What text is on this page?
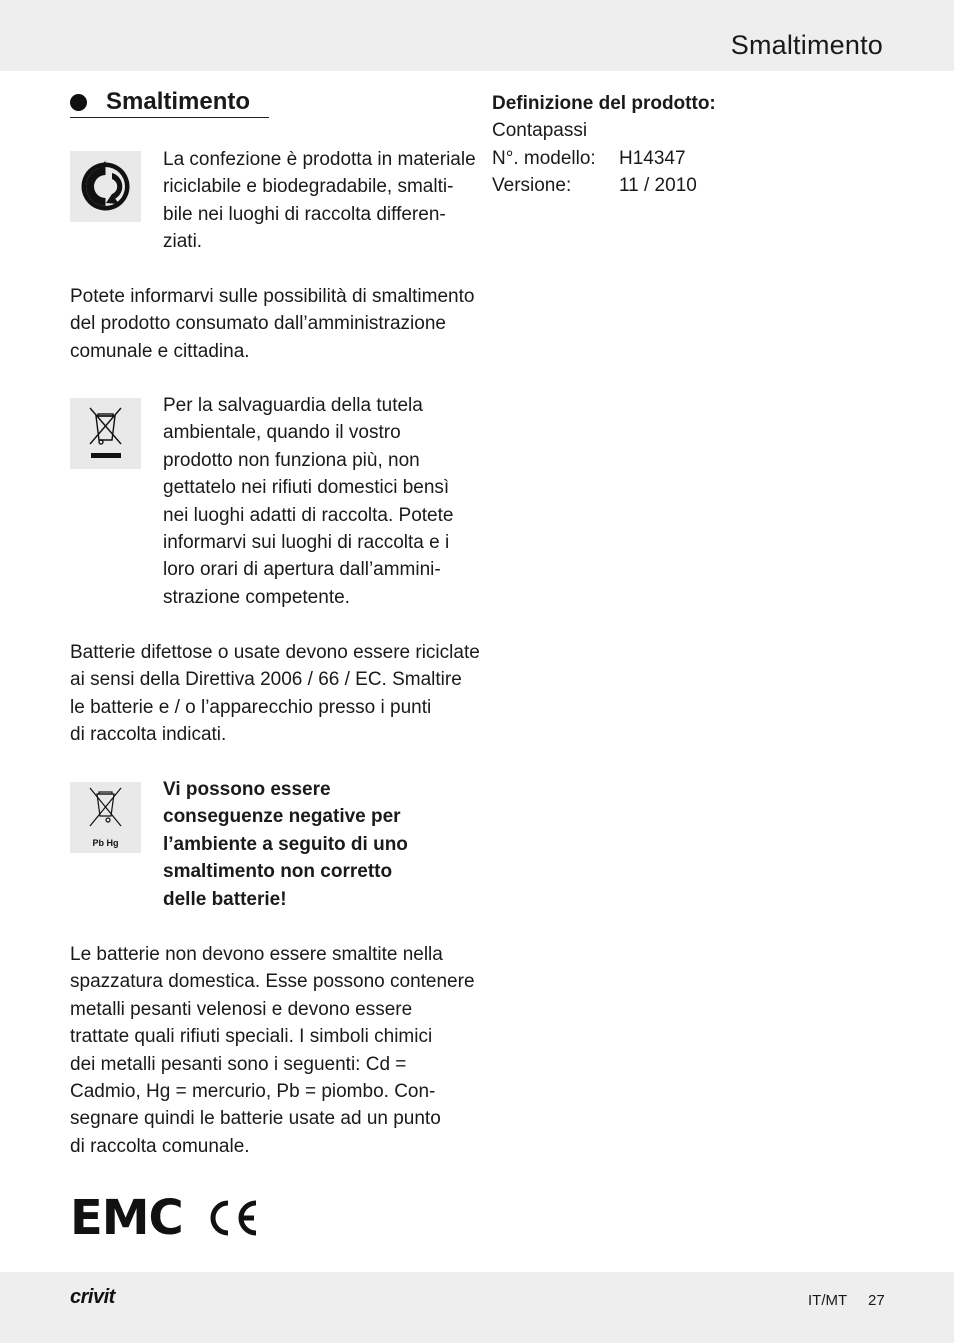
Smaltimento
Smaltimento
La confezione è prodotta in materiale
riciclabile e biodegradabile, smalti-
bile nei luoghi di raccolta differen-
ziati.
Potete informarvi sulle possibilità di smaltimento
del prodotto consumato dall’amministrazione
comunale e cittadina.
Per la salvaguardia della tutela
ambientale, quando il vostro
prodotto non funziona più, non
gettatelo nei rifiuti domestici bensì
nei luoghi adatti di raccolta. Potete
informarvi sui luoghi di raccolta e i
loro orari di apertura dall’ammini-
strazione competente.
Batterie difettose o usate devono essere riciclate
ai sensi della Direttiva 2006 / 66 / EC. Smaltire
le batterie e / o l’apparecchio presso i punti
di raccolta indicati.
Pb Hg
Vi possono essere
conseguenze negative per
l’ambiente a seguito di uno
smaltimento non corretto
delle batterie!
Le batterie non devono essere smaltite nella
spazzatura domestica. Esse possono contenere
metalli pesanti velenosi e devono essere
trattate quali rifiuti speciali. I simboli chimici
dei metalli pesanti sono i seguenti: Cd =
Cadmio, Hg = mercurio, Pb = piombo. Con-
segnare quindi le batterie usate ad un punto
di raccolta comunale.
EMC
Definizione del prodotto:
Contapassi
N°. modello: H14347
Versione:	11 / 2010
crivit	IT/MT 27
